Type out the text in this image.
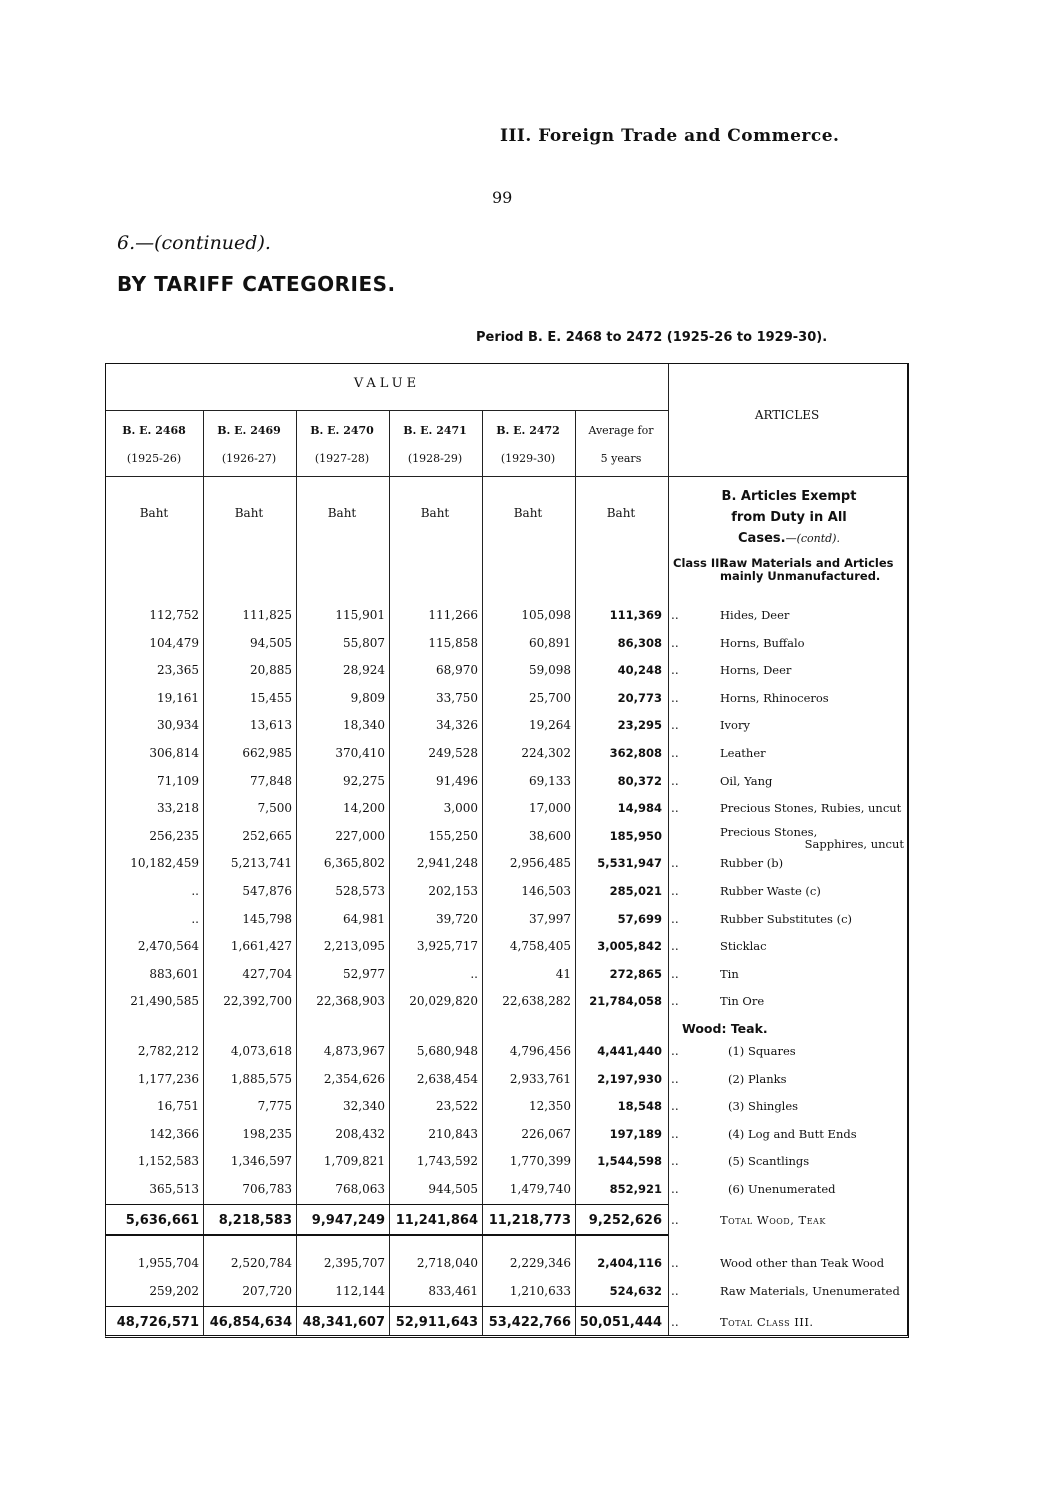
III. Foreign Trade and Commerce.
99
6.—(continued).
BY TARIFF CATEGORIES.
Period B. E. 2468 to 2472 (1925-26 to 1929-30).
VALUE
ARTICLES
B. E. 2468
(1925-26)
B. E. 2469
(1926-27)
B. E. 2470
(1927-28)
B. E. 2471
(1928-29)
B. E. 2472
(1929-30)
Average for
5 years
Baht	Baht	Baht	Baht	Baht	Baht
B. Articles Exempt
from Duty in All
Cases.—(contd).
Class III.
Raw Materials and Articles mainly Unmanufactured.
Wood: Teak.
112,752	111,825	115,901	111,266	105,098	111,369 ..	Hides, Deer
104,479	94,505	55,807	115,858	60,891	86,308 ..	Horns, Buffalo
23,365	20,885	28,924	68,970	59,098	40,248 ..	Horns, Deer
19,161	15,455	9,809	33,750	25,700	20,773 ..	Horns, Rhinoceros
30,934	13,613	18,340	34,326	19,264	23,295 ..	Ivory
306,814	662,985	370,410	249,528	224,302	362,808 ..	Leather
71,109	77,848	92,275	91,496	69,133	80,372 ..	Oil, Yang
33,218	7,500	14,200	3,000	17,000	14,984 ..	Precious Stones, Rubies, uncut
256,235	252,665	227,000	155,250	38,600	185,950	Precious Stones,
Sapphires, uncut
10,182,459	5,213,741	6,365,802	2,941,248	2,956,485	5,531,947 ..	Rubber (b)
..	547,876	528,573	202,153	146,503	285,021 ..	Rubber Waste (c)
..	145,798	64,981	39,720	37,997	57,699 ..	Rubber Substitutes (c)
2,470,564	1,661,427	2,213,095	3,925,717	4,758,405	3,005,842 ..	Sticklac
883,601	427,704	52,977	..	41	272,865 ..	Tin
21,490,585	22,392,700	22,368,903	20,029,820	22,638,282	21,784,058 ..	Tin Ore
2,782,212	4,073,618	4,873,967	5,680,948	4,796,456	4,441,440 ..	(1) Squares
1,177,236	1,885,575	2,354,626	2,638,454	2,933,761	2,197,930 ..	(2) Planks
16,751	7,775	32,340	23,522	12,350	18,548 ..	(3) Shingles
142,366	198,235	208,432	210,843	226,067	197,189 ..	(4) Log and Butt Ends
1,152,583	1,346,597	1,709,821	1,743,592	1,770,399	1,544,598 ..	(5) Scantlings
365,513	706,783	768,063	944,505	1,479,740	852,921 ..	(6) Unenumerated
5,636,661	8,218,583	9,947,249 11,241,864 11,218,773	9,252,626 ..	Total Wood, Teak
1,955,704	2,520,784	2,395,707	2,718,040	2,229,346	2,404,116 ..	Wood other than Teak Wood
259,202	207,720	112,144	833,461	1,210,633	524,632 ..	Raw Materials, Unenumerated
48,726,571 46,854,634 48,341,607 52,911,643 53,422,766 50,051,444 ..	Total Class III.
